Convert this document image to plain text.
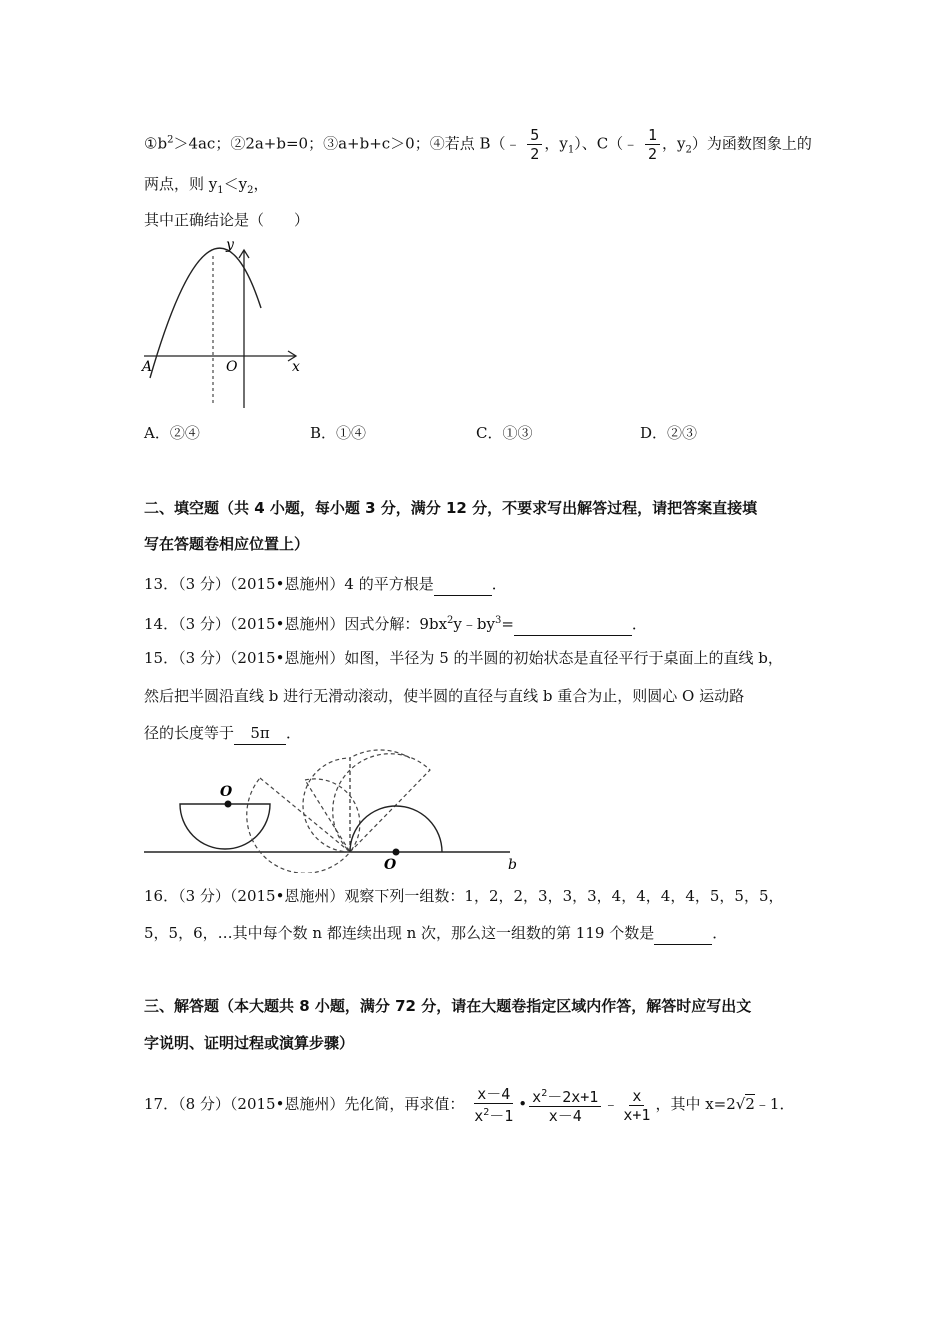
$①b^2>4ac$；②2a+b=0；③a+b+c＞0；④若点 B（﹣ $\frac{5}{2}$ ，$y_1$）、C（﹣ $\frac{1}{2}$ ，$y_2$）为函数图象上的
两点，则 $y_1<y_2$，
其中正确结论是（　　）
y
x
O
A
A．②④	B．①④	C．①③	D．②③
二、填空题（共 4 小题，每小题 3 分，满分 12 分，不要求写出解答过程，请把答案直接填
写在答题卷相应位置上）
13．（3 分）（2015•恩施州）4 的平方根是	．
14．（3 分）（2015•恩施州）因式分解：$9bx^2y﹣by^3=$	．
15．（3 分）（2015•恩施州）如图，半径为 5 的半圆的初始状态是直径平行于桌面上的直线 b，
然后把半圆沿直线 b 进行无滑动滚动，使半圆的直径与直线 b 重合为止，则圆心 O 运动路
径的长度等于 5π ．
O
O	b
16．（3 分）（2015•恩施州）观察下列一组数：1，2，2，3，3，3，4，4，4，4，5，5，5，
5，5，6，…其中每个数 n 都连续出现 n 次，那么这一组数的第 119 个数是	．
三、解答题（本大题共 8 小题，满分 72 分，请在大题卷指定区域内作答，解答时应写出文
字说明、证明过程或演算步骤）
17．（8 分）（2015•恩施州）先化简，再求值： $\frac{x-4}{x^2-1}$ • $\frac{x^2-2x+1}{x-4}$ ﹣ $\frac{x}{x+1}$ ，其中 x=2√2﹣1．
